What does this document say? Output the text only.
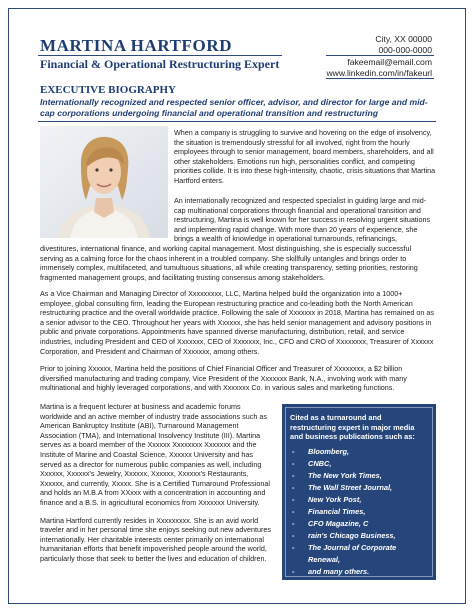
MARTINA HARTFORD
Financial & Operational Restructuring Expert
City, XX 00000
000-000-0000
fakeemail@email.com
www.linkedin.com/in/fakeurl
EXECUTIVE BIOGRAPHY
Internationally recognized and respected senior officer, advisor, and director for large and mid-cap corporations undergoing financial and operational transition and restructuring

When a company is struggling to survive and hovering on the edge of insolvency, the situation is tremendously stressful for all involved, right from the hourly employees through to senior management, board members, shareholders, and all other stakeholders. Emotions run high, personalities conflict, and competing priorities collide. It is into these high-intensity, chaotic, crisis situations that Martina Hartford enters.

An internationally recognized and respected specialist in guiding large and mid-cap multinational corporations through financial and operational transition and restructuring, Martina is well known for her success in resolving urgent situations and implementing rapid change. With more than 20 years of experience, she brings a wealth of knowledge in operational turnarounds, refinancings,

divestitures, international finance, and working capital management. Most distinguishing, she is especially successful serving as a calming force for the chaos inherent in a troubled company. She skillfully untangles and brings order to immensely complex, multifaceted, and tumultuous situations, all while creating transparency, setting priorities, restoring fragmented management groups, and facilitating trusting consensus among stakeholders.

As a Vice Chairman and Managing Director of Xxxxxxxxx, LLC, Martina helped build the organization into a 1000+ employee, global consulting firm, leading the European restructuring practice and co-leading both the North American restructuring practice and the overall worldwide practice. Following the sale of Xxxxxxx in 2018, Martina has remained on as a senior advisor to the CEO. Throughout her years with Xxxxxx, she has held senior management and advisory positions in public and private corporations. Appointments have spanned diverse manufacturing, distribution, retail, and service industries, including President and CEO of Xxxxxxx, CEO of Xxxxxxx, Inc., CFO and CRO of Xxxxxxxx, Treasurer of Xxxxxx Corporation, and President and Chairman of Xxxxxxx, among others.

Prior to joining Xxxxxx, Martina held the positions of Chief Financial Officer and Treasurer of Xxxxxxxx, a $2 billion diversified manufacturing and trading company, Vice President of the Xxxxxxx Bank, N.A., involving work with many multinational and highly leveraged corporations, and with Xxxxxxx Co. in various sales and marketing functions.

Martina is a frequent lecturer at business and academic forums worldwide and an active member of industry trade associations such as American Bankruptcy Institute (ABI), Turnaround Management Association (TMA), and International Insolvency Institute (III). Martina serves as a board member of the Xxxxxx Xxxxxxxx Xxxxxxx and the Institute of Marine and Coastal Science, Xxxxxx University and has served as a director for numerous public companies as well, including Xxxxxx, Xxxxxx's Jewelry, Xxxxxx, Xxxxxx, Xxxxxx's Restaurants, Xxxxxx, and currently, Xxxxx. She is a Certified Turnaround Professional and holds an M.B.A from XXxxx with a concentration in accounting and finance and a B.S. in agricultural economics from Xxxxxxx University.

Martina Hartford currently resides in Xxxxxxxxx. She is an avid world traveler and in her personal time she enjoys seeking out new adventures internationally. Her charitable interests center primarily on international humanitarian efforts that benefit impoverished people around the world, particularly those that seek to better the lives and education of children.

Cited as a turnaround and restructuring expert in major media and business publications such as:

- Bloomberg,
- CNBC,
- The New York Times,
- The Wall Street Journal,
- New York Post,
- Financial Times,
- CFO Magazine, C
- rain's Chicago Business,
- The Journal of Corporate Renewal,
- and many others.
